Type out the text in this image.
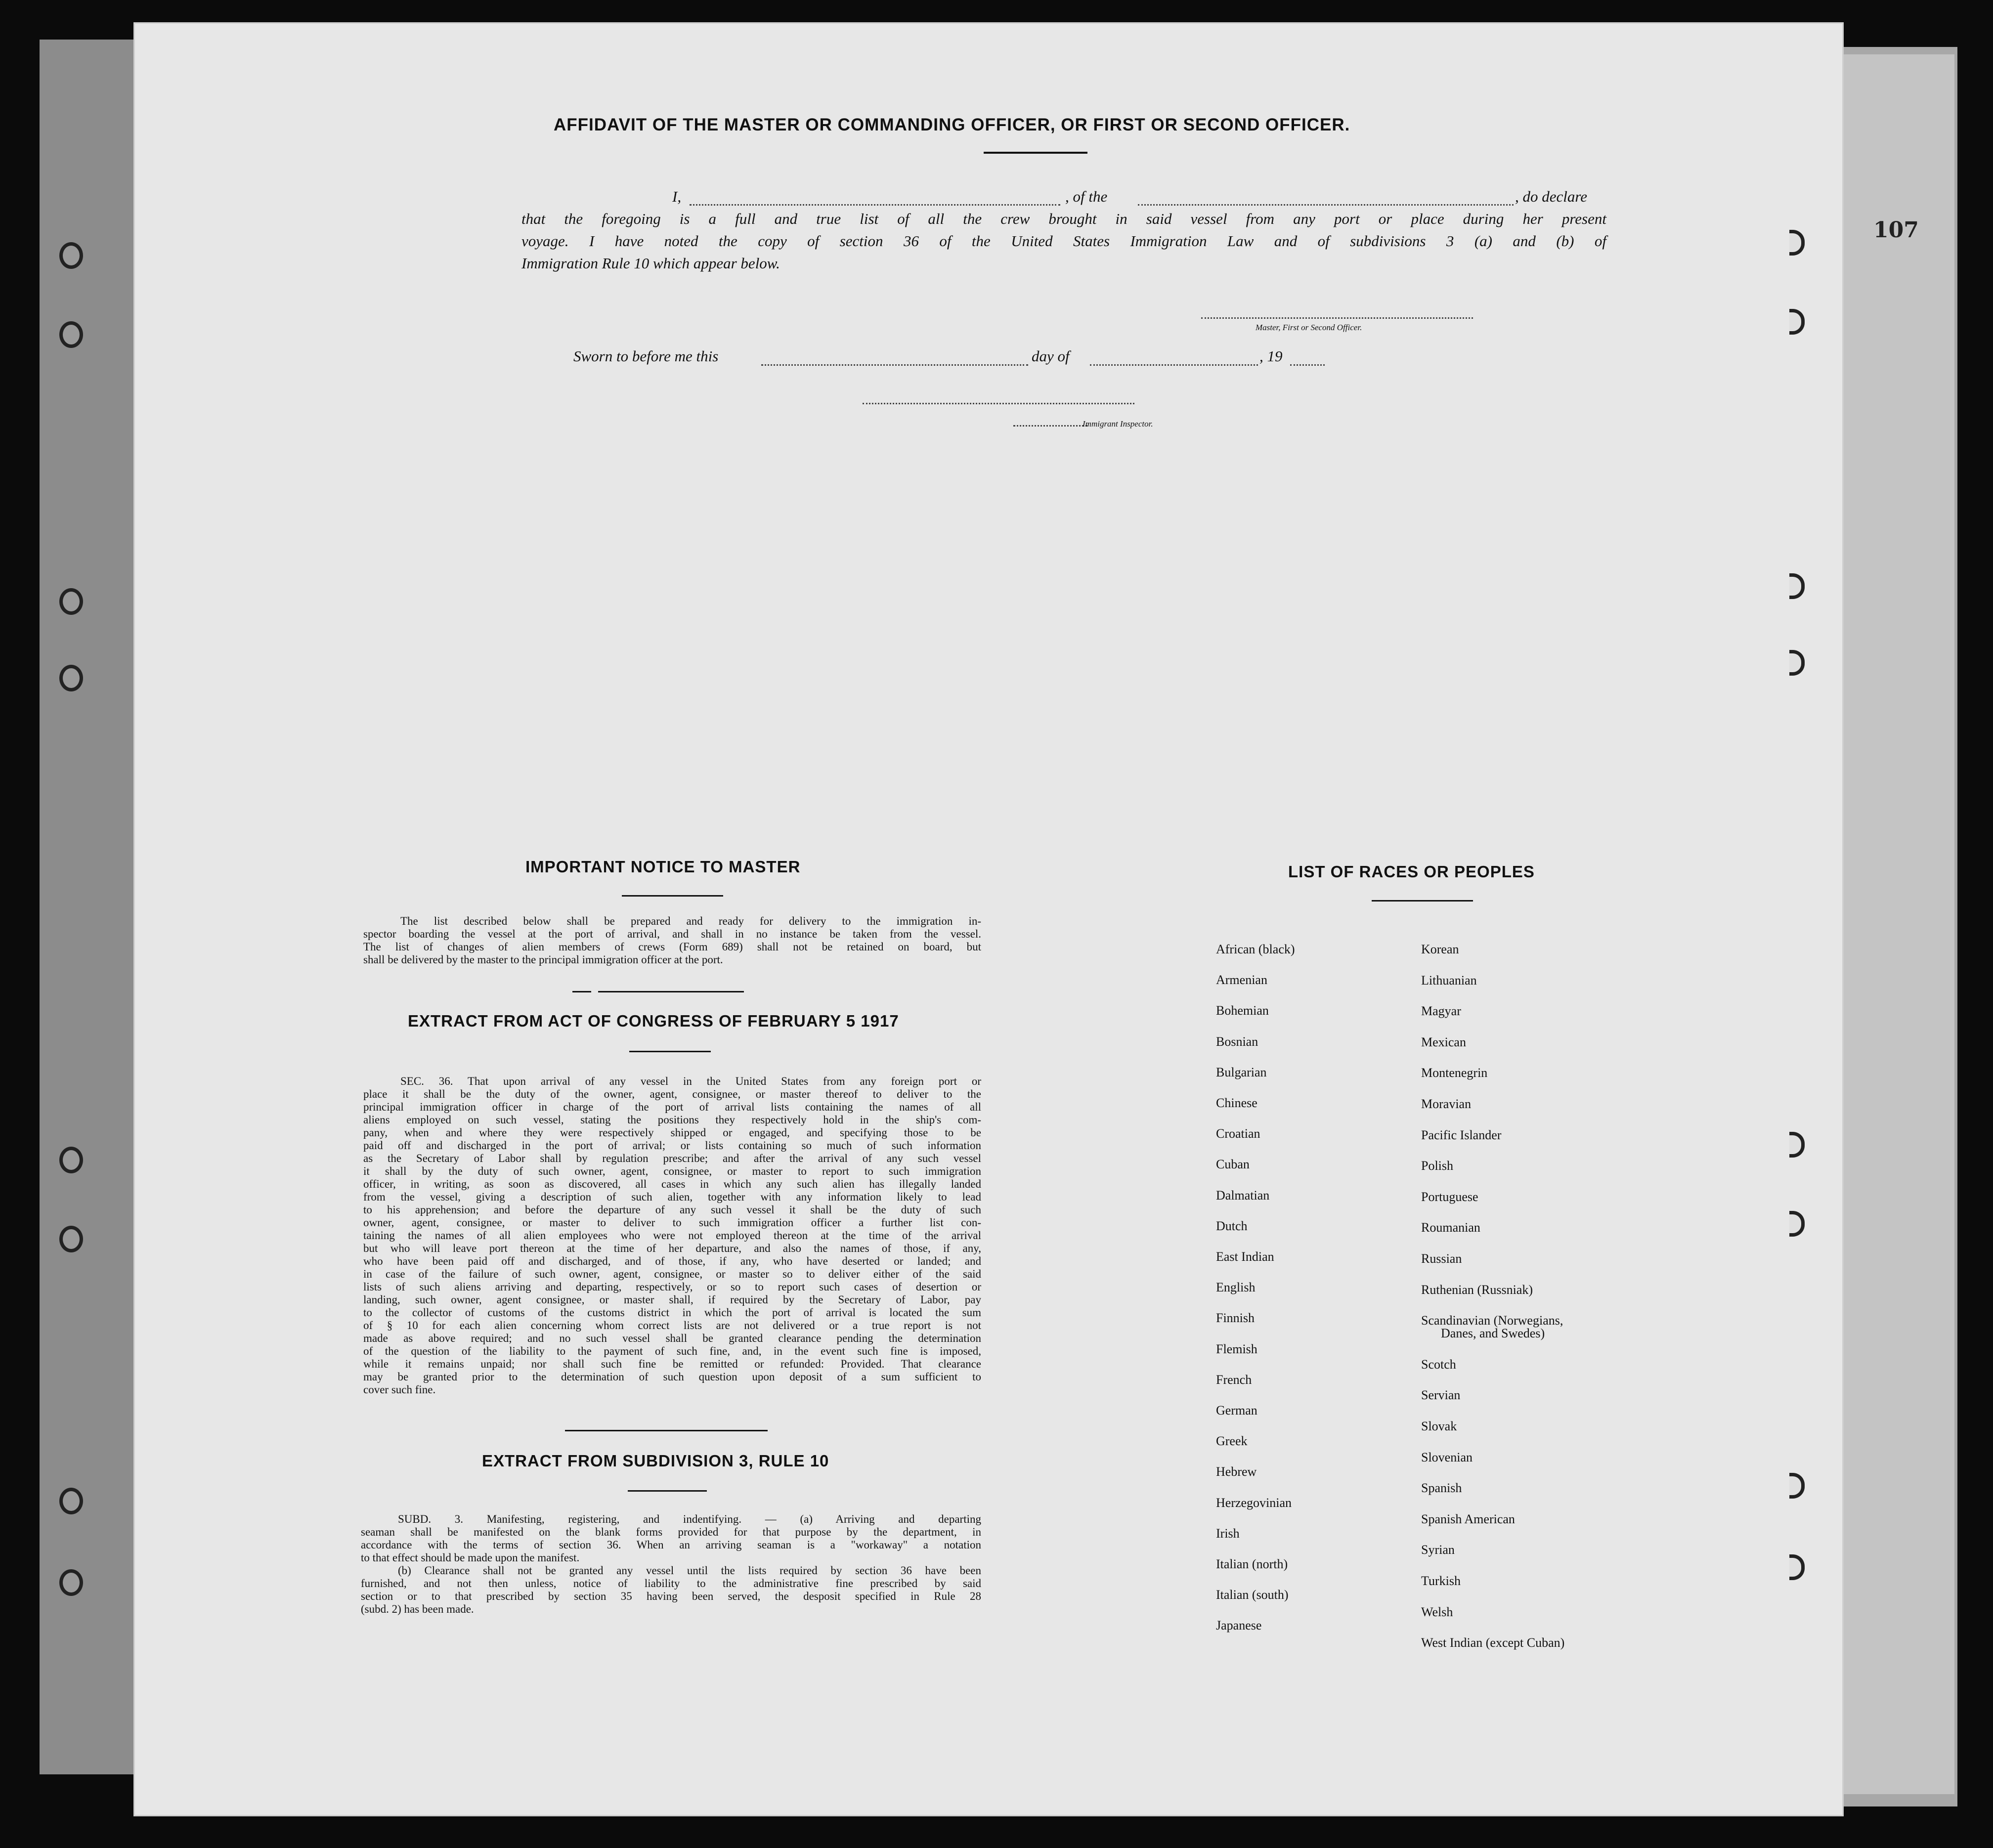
107
AFFIDAVIT OF THE MASTER OR COMMANDING OFFICER, OR FIRST OR SECOND OFFICER.
I,	, of the	, do declare
that the foregoing is a full and true list of all the crew brought in said vessel from any port or place during her present
voyage. I have noted the copy of section 36 of the United States Immigration Law and of subdivisions 3 (a) and (b) of
Immigration Rule 10 which appear below.
Master, First or Second Officer.
Sworn to before me this	day of	, 19
Immigrant Inspector.
IMPORTANT NOTICE TO MASTER
The list described below shall be prepared and ready for delivery to the immigration in-
spector boarding the vessel at the port of arrival, and shall in no instance be taken from the vessel.
The list of changes of alien members of crews (Form 689) shall not be retained on board, but
shall be delivered by the master to the principal immigration officer at the port.
EXTRACT FROM ACT OF CONGRESS OF FEBRUARY 5 1917
SEC. 36. That upon arrival of any vessel in the United States from any foreign port or
place it shall be the duty of the owner, agent, consignee, or master thereof to deliver to the
principal immigration officer in charge of the port of arrival lists containing the names of all
aliens employed on such vessel, stating the positions they respectively hold in the ship's com-
pany, when and where they were respectively shipped or engaged, and specifying those to be
paid off and discharged in the port of arrival; or lists containing so much of such information
as the Secretary of Labor shall by regulation prescribe; and after the arrival of any such vessel
it shall by the duty of such owner, agent, consignee, or master to report to such immigration
officer, in writing, as soon as discovered, all cases in which any such alien has illegally landed
from the vessel, giving a description of such alien, together with any information likely to lead
to his apprehension; and before the departure of any such vessel it shall be the duty of such
owner, agent, consignee, or master to deliver to such immigration officer a further list con-
taining the names of all alien employees who were not employed thereon at the time of the arrival
but who will leave port thereon at the time of her departure, and also the names of those, if any,
who have been paid off and discharged, and of those, if any, who have deserted or landed; and
in case of the failure of such owner, agent, consignee, or master so to deliver either of the said
lists of such aliens arriving and departing, respectively, or so to report such cases of desertion or
landing, such owner, agent consignee, or master shall, if required by the Secretary of Labor, pay
to the collector of customs of the customs district in which the port of arrival is located the sum
of § 10 for each alien concerning whom correct lists are not delivered or a true report is not
made as above required; and no such vessel shall be granted clearance pending the determination
of the question of the liability to the payment of such fine, and, in the event such fine is imposed,
while it remains unpaid; nor shall such fine be remitted or refunded: Provided. That clearance
may be granted prior to the determination of such question upon deposit of a sum sufficient to
cover such fine.
EXTRACT FROM SUBDIVISION 3, RULE 10
SUBD. 3. Manifesting, registering, and indentifying. — (a) Arriving and departing
seaman shall be manifested on the blank forms provided for that purpose by the department, in
accordance with the terms of section 36. When an arriving seaman is a "workaway" a notation
to that effect should be made upon the manifest.
(b) Clearance shall not be granted any vessel until the lists required by section 36 have been
furnished, and not then unless, notice of liability to the administrative fine prescribed by said
section or to that prescribed by section 35 having been served, the desposit specified in Rule 28
(subd. 2) has been made.
LIST OF RACES OR PEOPLES
African (black)
Armenian
Bohemian
Bosnian
Bulgarian
Chinese
Croatian
Cuban
Dalmatian
Dutch
East Indian
English
Finnish
Flemish
French
German
Greek
Hebrew
Herzegovinian
Irish
Italian (north)
Italian (south)
Japanese
Korean
Lithuanian
Magyar
Mexican
Montenegrin
Moravian
Pacific Islander
Polish
Portuguese
Roumanian
Russian
Ruthenian (Russniak)
Scandinavian (Norwegians,
Danes, and Swedes)
Scotch
Servian
Slovak
Slovenian
Spanish
Spanish American
Syrian
Turkish
Welsh
West Indian (except Cuban)
